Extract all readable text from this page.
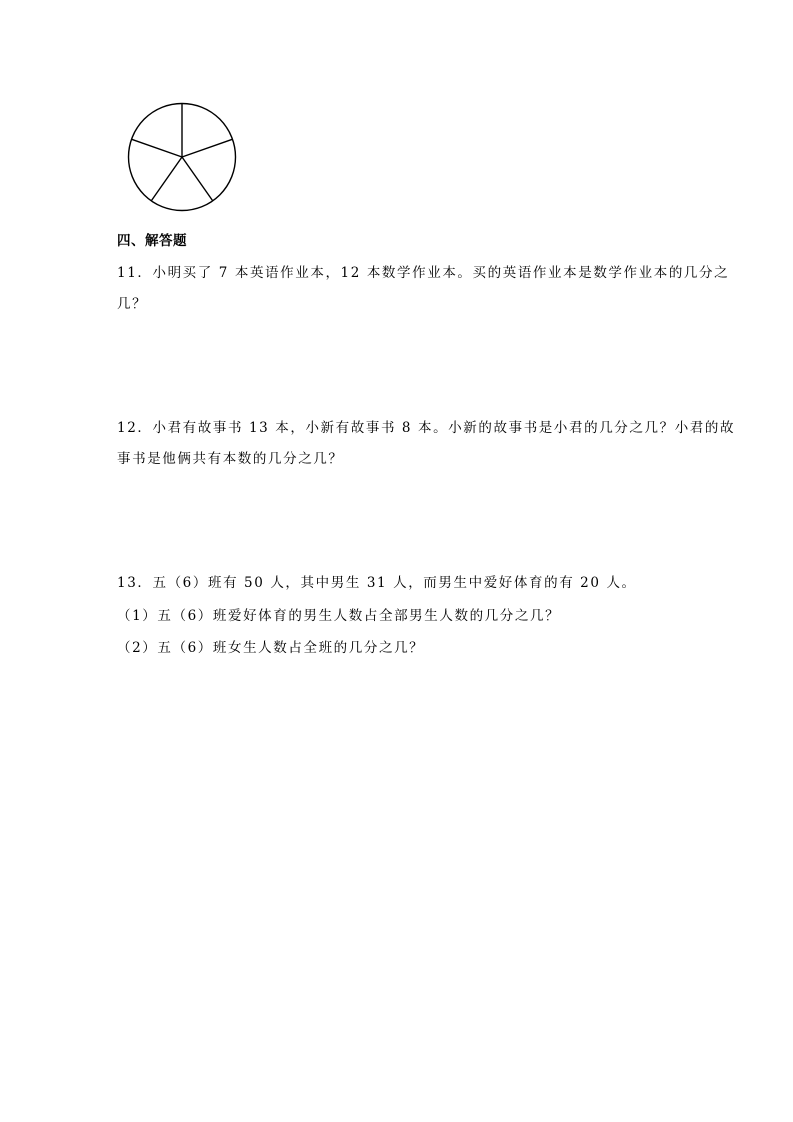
四、解答题
11．小明买了 7 本英语作业本，12 本数学作业本。买的英语作业本是数学作业本的几分之
几？
12．小君有故事书 13 本，小新有故事书 8 本。小新的故事书是小君的几分之几？小君的故
事书是他俩共有本数的几分之几？
13．五（6）班有 50 人，其中男生 31 人，而男生中爱好体育的有 20 人。
（1）五（6）班爱好体育的男生人数占全部男生人数的几分之几？
（2）五（6）班女生人数占全班的几分之几？
